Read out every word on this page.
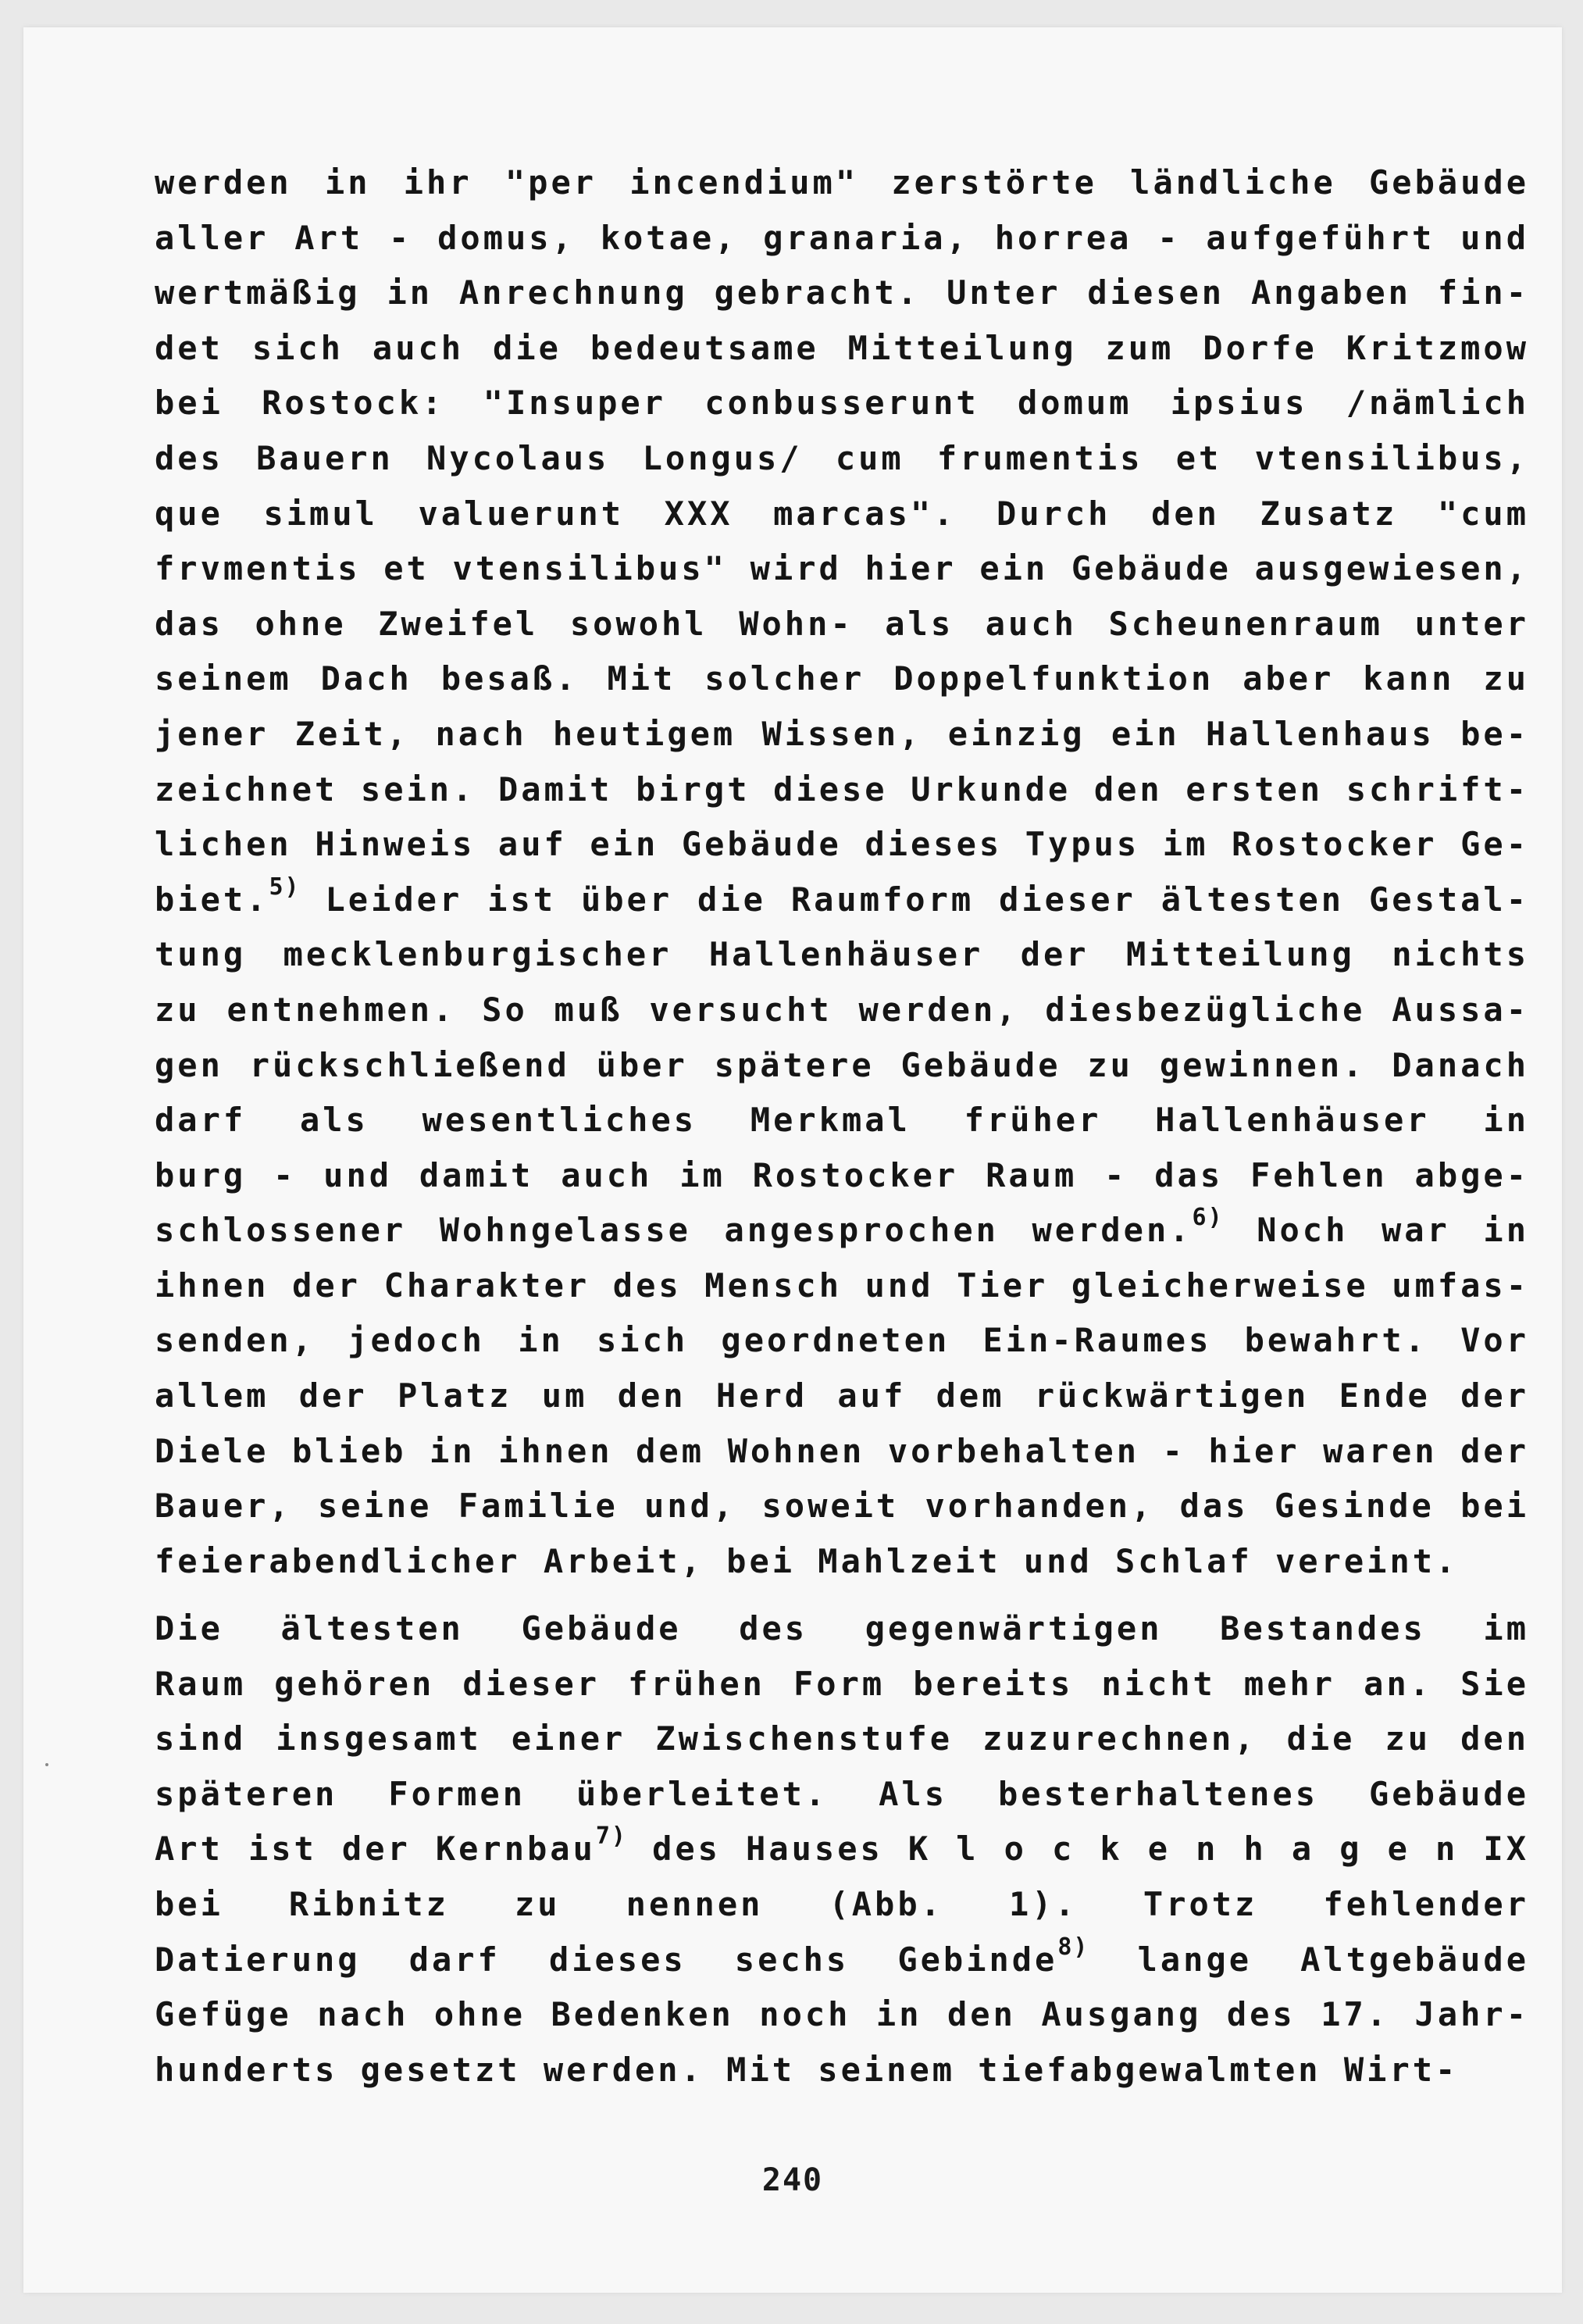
werden in ihr "per incendium" zerstörte ländliche Gebäude
aller Art - domus, kotae, granaria, horrea - aufgeführt und
wertmäßig in Anrechnung gebracht. Unter diesen Angaben fin-
det sich auch die bedeutsame Mitteilung zum Dorfe Kritzmow
bei Rostock: "Insuper conbusserunt domum ipsius /nämlich
des Bauern Nycolaus Longus/ cum frumentis et vtensilibus,
que simul valuerunt XXX marcas". Durch den Zusatz "cum
frvmentis et vtensilibus" wird hier ein Gebäude ausgewiesen,
das ohne Zweifel sowohl Wohn- als auch Scheunenraum unter
seinem Dach besaß. Mit solcher Doppelfunktion aber kann zu
jener Zeit, nach heutigem Wissen, einzig ein Hallenhaus be-
zeichnet sein. Damit birgt diese Urkunde den ersten schrift-
lichen Hinweis auf ein Gebäude dieses Typus im Rostocker Ge-
biet.$^{5)}$ Leider ist über die Raumform dieser ältesten Gestal-
tung mecklenburgischer Hallenhäuser der Mitteilung nichts
zu entnehmen. So muß versucht werden, diesbezügliche Aussa-
gen rückschließend über spätere Gebäude zu gewinnen. Danach
darf als wesentliches Merkmal früher Hallenhäuser in
burg - und damit auch im Rostocker Raum - das Fehlen abge-
schlossener Wohngelasse angesprochen werden.$^{6)}$ Noch war in
ihnen der Charakter des Mensch und Tier gleicherweise umfas-
senden, jedoch in sich geordneten Ein-Raumes bewahrt. Vor
allem der Platz um den Herd auf dem rückwärtigen Ende der
Diele blieb in ihnen dem Wohnen vorbehalten - hier waren der
Bauer, seine Familie und, soweit vorhanden, das Gesinde bei
feierabendlicher Arbeit, bei Mahlzeit und Schlaf vereint.
Die ältesten Gebäude des gegenwärtigen Bestandes im
Raum gehören dieser frühen Form bereits nicht mehr an. Sie
sind insgesamt einer Zwischenstufe zuzurechnen, die zu den
späteren Formen überleitet. Als besterhaltenes Gebäude
Art ist der Kernbau$^{7)}$ des Hauses K l o c k e n h a g e n IX
bei Ribnitz zu nennen (Abb. 1). Trotz fehlender
Datierung darf dieses sechs Gebinde$^{8)}$ lange Altgebäude
Gefüge nach ohne Bedenken noch in den Ausgang des 17. Jahr-
hunderts gesetzt werden. Mit seinem tiefabgewalmten Wirt-
240
